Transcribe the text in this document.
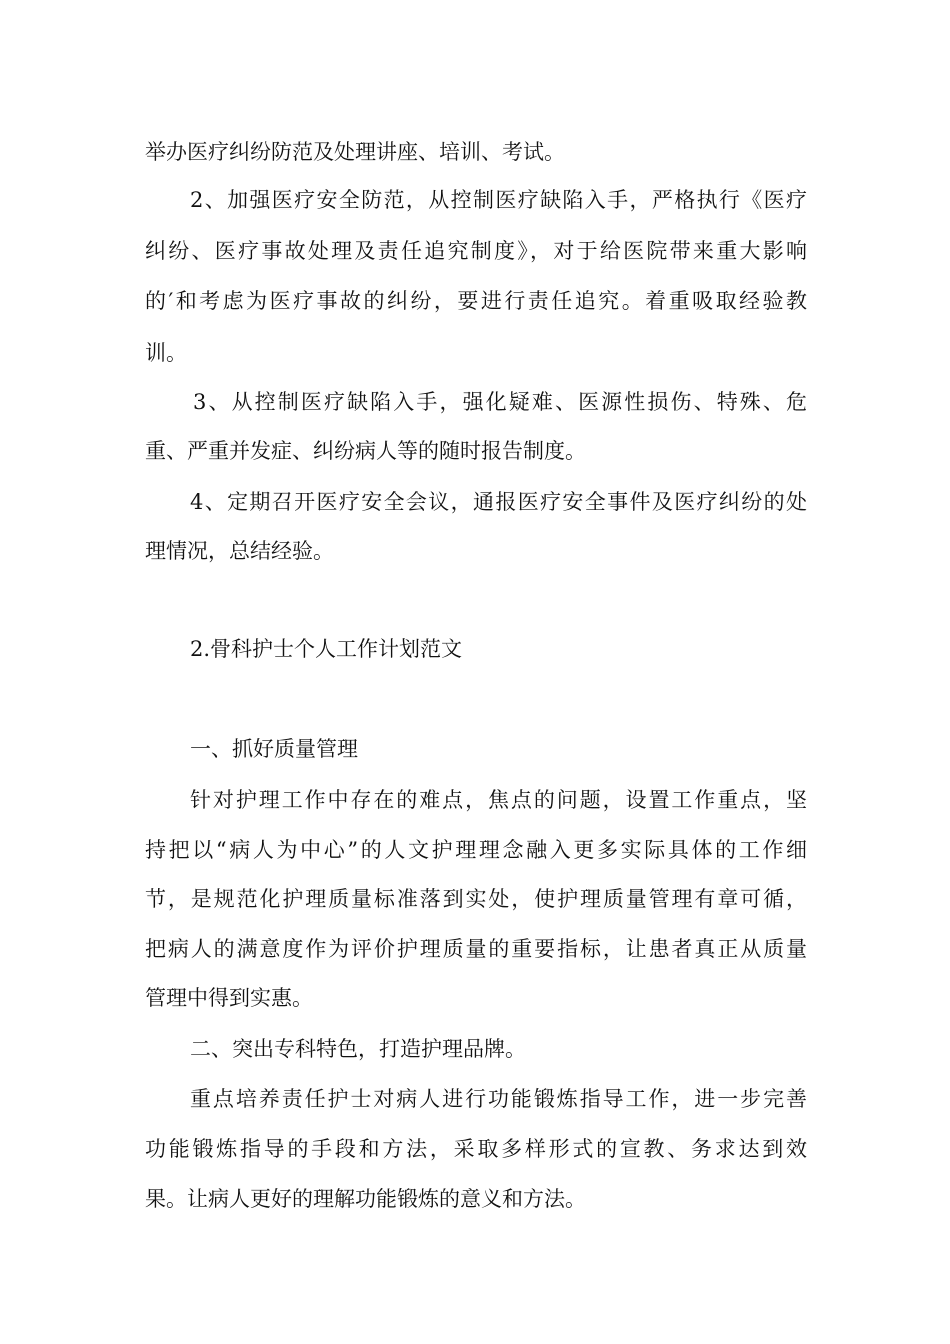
举办医疗纠纷防范及处理讲座、培训、考试。
2、加强医疗安全防范，从控制医疗缺陷入手，严格执行《医疗
纠纷、医疗事故处理及责任追究制度》，对于给医院带来重大影响
的′和考虑为医疗事故的纠纷，要进行责任追究。着重吸取经验教
训。
3、从控制医疗缺陷入手，强化疑难、医源性损伤、特殊、危
重、严重并发症、纠纷病人等的随时报告制度。
4、定期召开医疗安全会议，通报医疗安全事件及医疗纠纷的处
理情况，总结经验。
2.骨科护士个人工作计划范文
一、抓好质量管理
针对护理工作中存在的难点，焦点的问题，设置工作重点，坚
持把以“病人为中心”的人文护理理念融入更多实际具体的工作细
节，是规范化护理质量标准落到实处，使护理质量管理有章可循，
把病人的满意度作为评价护理质量的重要指标，让患者真正从质量
管理中得到实惠。
二、突出专科特色，打造护理品牌。
重点培养责任护士对病人进行功能锻炼指导工作，进一步完善
功能锻炼指导的手段和方法，采取多样形式的宣教、务求达到效
果。让病人更好的理解功能锻炼的意义和方法。
